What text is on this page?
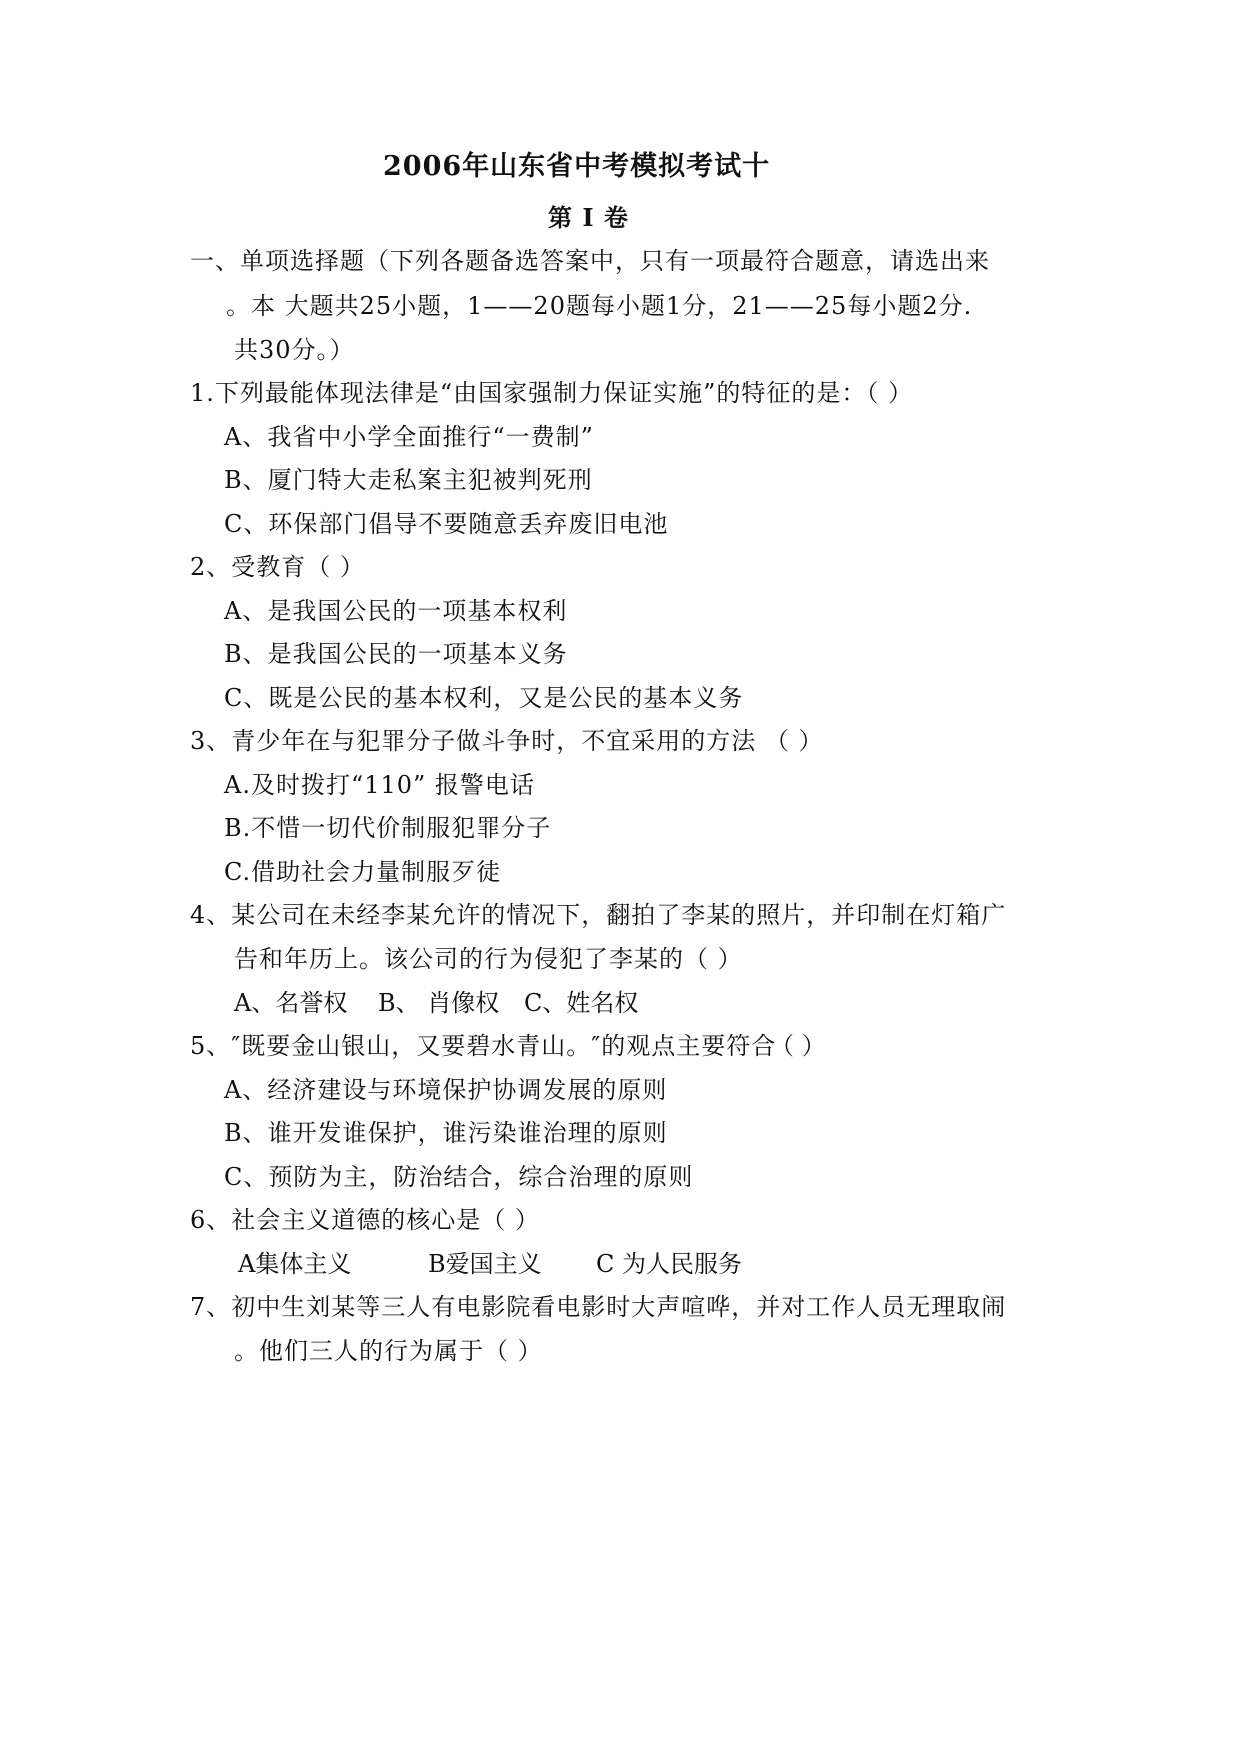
2006年山东省中考模拟考试十
第 I 卷
一、单项选择题（下列各题备选答案中，只有一项最符合题意，请选出来
。本 大题共25小题，1——20题每小题1分，21——25每小题2分.
共30分。）
1.下列最能体现法律是“由国家强制力保证实施”的特征的是：（ ）
A、我省中小学全面推行“一费制”
B、厦门特大走私案主犯被判死刑
C、环保部门倡导不要随意丢弃废旧电池
2、受教育（ ）
A、是我国公民的一项基本权利
B、是我国公民的一项基本义务
C、既是公民的基本权利，又是公民的基本义务
3、青少年在与犯罪分子做斗争时，不宜采用的方法 （ ）
A.及时拨打“110” 报警电话
B.不惜一切代价制服犯罪分子
C.借助社会力量制服歹徒
4、某公司在未经李某允许的情况下，翻拍了李某的照片，并印制在灯箱广
告和年历上。该公司的行为侵犯了李某的（ ）
A、名誉权 B、 肖像权 C、姓名权
5、″既要金山银山，又要碧水青山。″的观点主要符合
（ ）
A、经济建设与环境保护协调发展的原则
B、谁开发谁保护，谁污染谁治理的原则
C、预防为主，防治结合，综合治理的原则
6、社会主义道德的核心是（ ）
A集体主义	B爱国主义 C 为人民服务
7、初中生刘某等三人有电影院看电影时大声喧哗，并对工作人员无理取闹
。他们三人的行为属于（ ）
